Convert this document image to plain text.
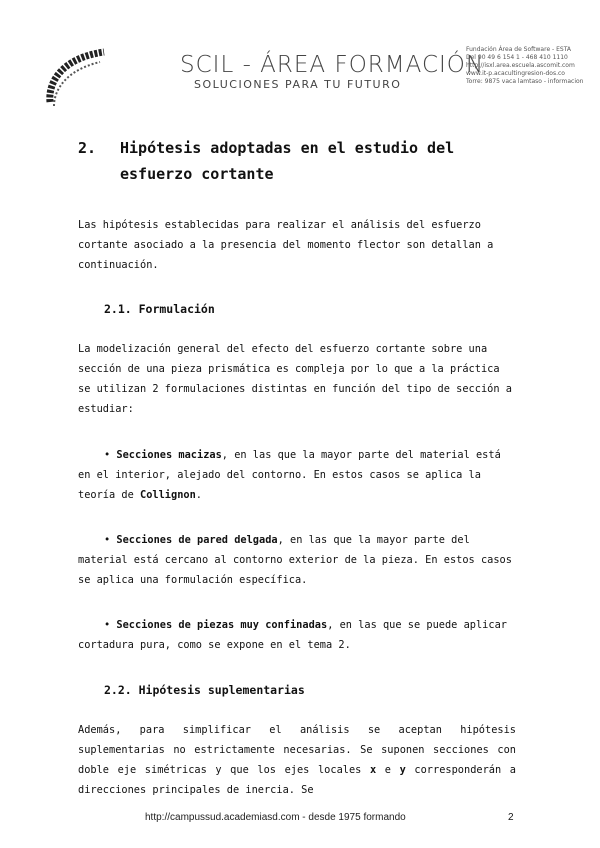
SCIL - ÁREA FORMACIÓN
SOLUCIONES PARA TU FUTURO
Fundación Área de Software - ESTA
Del 90 49 6 154 1 - 468 410 1110
http://isxl.area.escuela.ascomit.com
www.it-p.acacultingresion-dos.co
Torre: 9875 vaca lamtaso - informacion
2. Hipótesis adoptadas en el estudio del
esfuerzo cortante

Las hipótesis establecidas para realizar el análisis del esfuerzo cortante asociado a la presencia del momento flector son detallan a continuación.

2.1. Formulación

La modelización general del efecto del esfuerzo cortante sobre una sección de una pieza prismática es compleja por lo que a la práctica se utilizan 2 formulaciones distintas en función del tipo de sección a estudiar:

• Secciones macizas, en las que la mayor parte del material está en el interior, alejado del contorno. En estos casos se aplica la teoría de Collignon.

• Secciones de pared delgada, en las que la mayor parte del material está cercano al contorno exterior de la pieza. En estos casos se aplica una formulación específica.

• Secciones de piezas muy confinadas, en las que se puede aplicar cortadura pura, como se expone en el tema 2.

2.2. Hipótesis suplementarias

Además, para simplificar el análisis se aceptan hipótesis suplementarias no estrictamente necesarias. Se suponen secciones con doble eje simétricas y que los ejes locales x e y corresponderán a direcciones principales de inercia. Se

http://campussud.academiasd.com - desde 1975 formando	2
